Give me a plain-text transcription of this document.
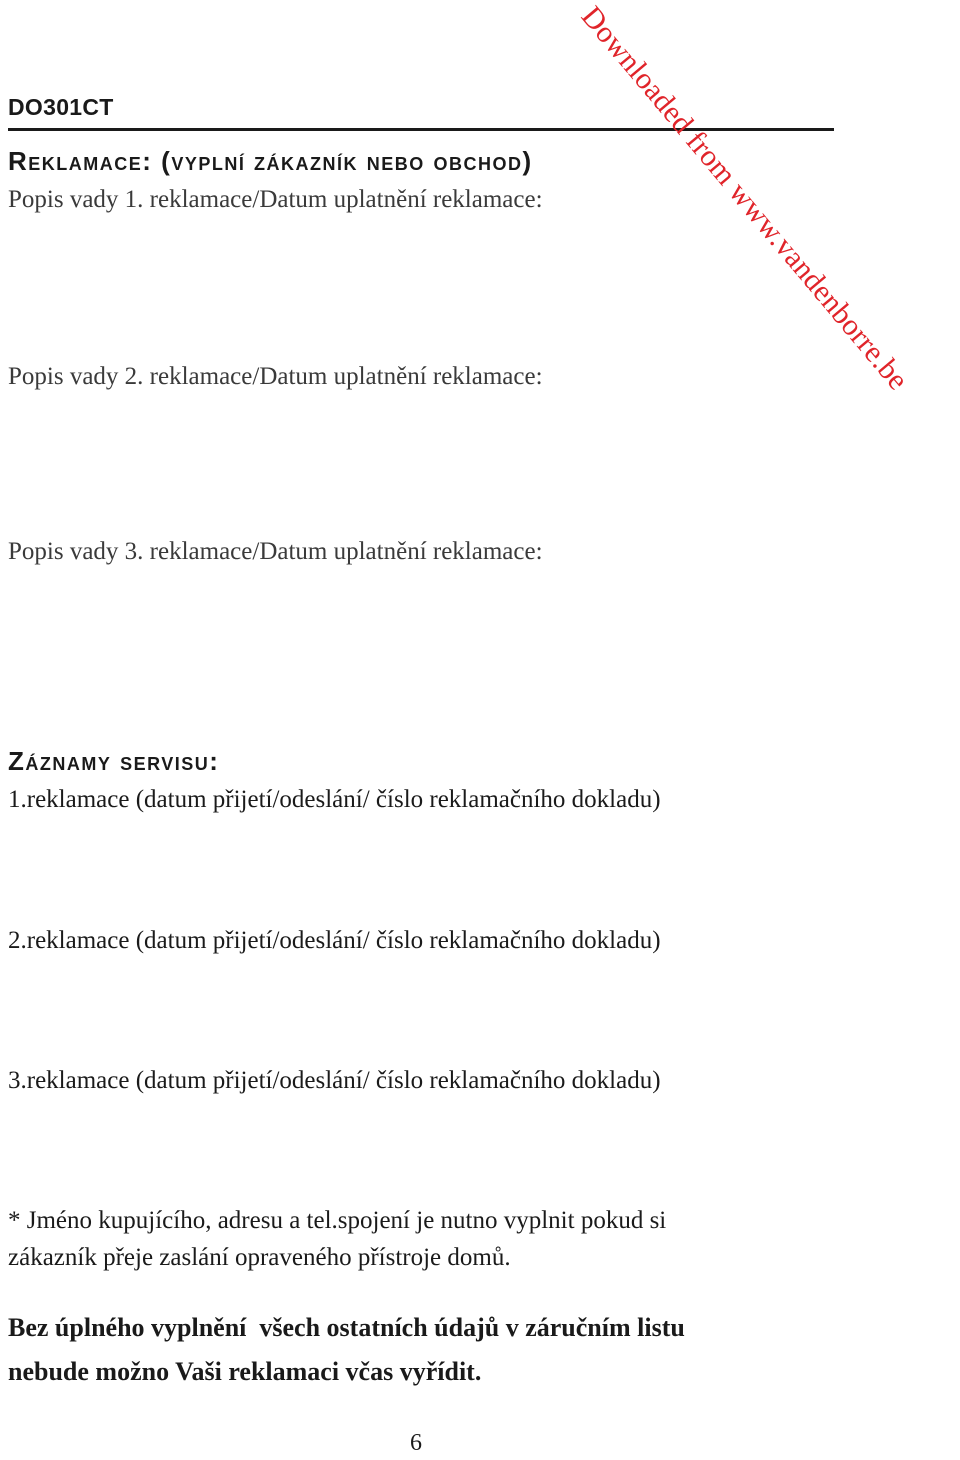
DO301CT
Reklamace: (vyplní zákazník nebo obchod)
Popis vady 1. reklamace/Datum uplatnění reklamace:
Popis vady 2. reklamace/Datum uplatnění reklamace:
Popis vady 3. reklamace/Datum uplatnění reklamace:
Záznamy servisu:
1.reklamace (datum přijetí/odeslání/ číslo reklamačního dokladu)
2.reklamace (datum přijetí/odeslání/ číslo reklamačního dokladu)
3.reklamace (datum přijetí/odeslání/ číslo reklamačního dokladu)
* Jméno kupujícího, adresu a tel.spojení je nutno vyplnit pokud si
zákazník přeje zaslání opraveného přístroje domů.
Bez úplného vyplnění  všech ostatních údajů v záručním listu
nebude možno Vaši reklamaci včas vyřídit.
6
Downloaded from www.vandenborre.be
